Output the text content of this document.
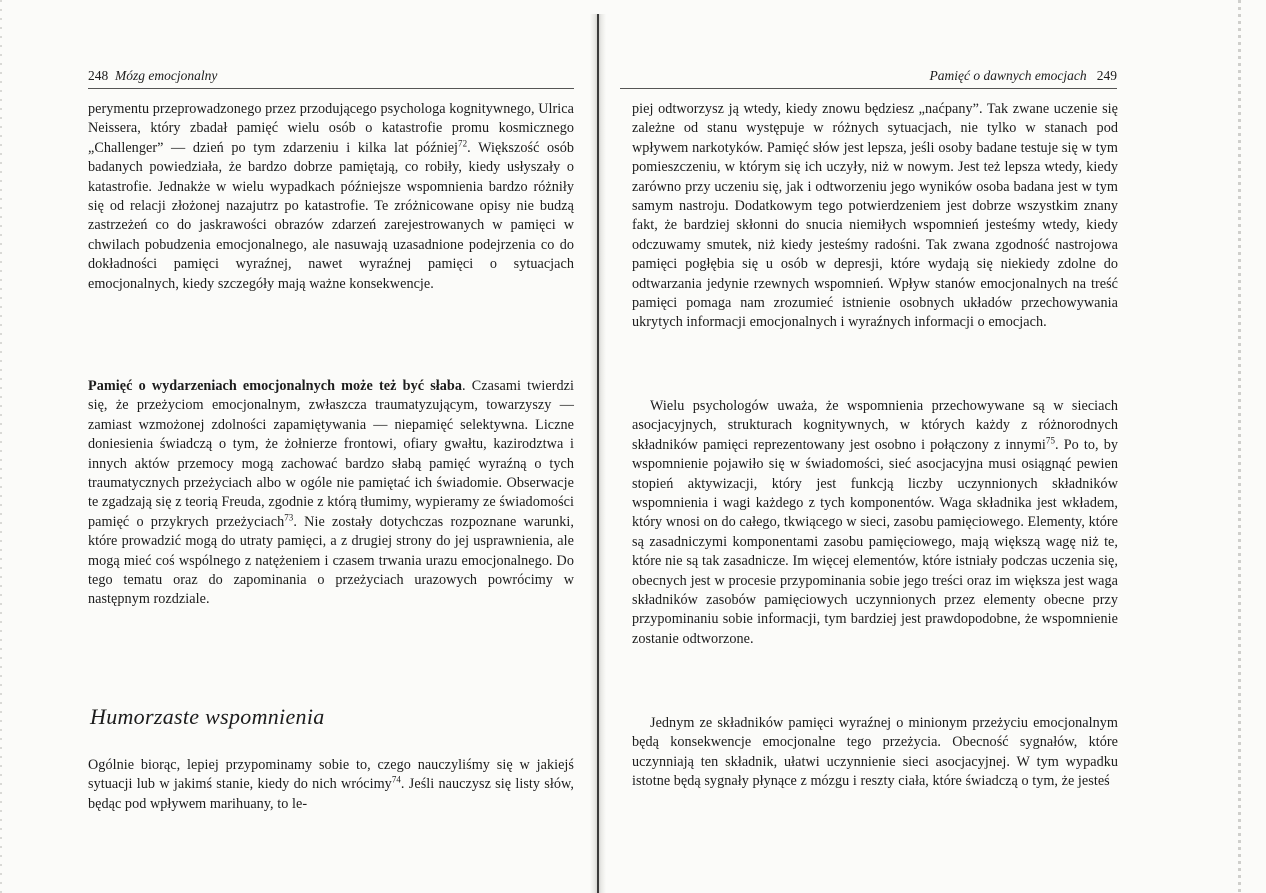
248 Mózg emocjonalny

perymentu przeprowadzonego przez przodującego psychologa kognitywnego, Ulrica Neissera, który zbadał pamięć wielu osób o katastrofie promu kosmicznego „Challenger” — dzień po tym zdarzeniu i kilka lat później$^{72}$. Większość osób badanych powiedziała, że bardzo dobrze pamiętają, co robiły, kiedy usłyszały o katastrofie. Jednakże w wielu wypadkach późniejsze wspomnienia bardzo różniły się od relacji złożonej nazajutrz po katastrofie. Te zróżnicowane opisy nie budzą zastrzeżeń co do jaskrawości obrazów zdarzeń zarejestrowanych w pamięci w chwilach pobudzenia emocjonalnego, ale nasuwają uzasadnione podejrzenia co do dokładności pamięci wyraźnej, nawet wyraźnej pamięci o sytuacjach emocjonalnych, kiedy szczegóły mają ważne konsekwencje.

Pamięć o wydarzeniach emocjonalnych może też być słaba. Czasami twierdzi się, że przeżyciom emocjonalnym, zwłaszcza traumatyzującym, towarzyszy — zamiast wzmożonej zdolności zapamiętywania — niepamięć selektywna. Liczne doniesienia świadczą o tym, że żołnierze frontowi, ofiary gwałtu, kazirodztwa i innych aktów przemocy mogą zachować bardzo słabą pamięć wyraźną o tych traumatycznych przeżyciach albo w ogóle nie pamiętać ich świadomie. Obserwacje te zgadzają się z teorią Freuda, zgodnie z którą tłumimy, wypieramy ze świadomości pamięć o przykrych przeżyciach$^{73}$. Nie zostały dotychczas rozpoznane warunki, które prowadzić mogą do utraty pamięci, a z drugiej strony do jej usprawnienia, ale mogą mieć coś wspólnego z natężeniem i czasem trwania urazu emocjonalnego. Do tego tematu oraz do zapominania o przeżyciach urazowych powrócimy w następnym rozdziale.

Humorzaste wspomnienia

Ogólnie biorąc, lepiej przypominamy sobie to, czego nauczyliśmy się w jakiejś sytuacji lub w jakimś stanie, kiedy do nich wrócimy$^{74}$. Jeśli nauczysz się listy słów, będąc pod wpływem marihuany, to le-

Pamięć o dawnych emocjach 249

piej odtworzysz ją wtedy, kiedy znowu będziesz „naćpany”. Tak zwane uczenie się zależne od stanu występuje w różnych sytuacjach, nie tylko w stanach pod wpływem narkotyków. Pamięć słów jest lepsza, jeśli osoby badane testuje się w tym pomieszczeniu, w którym się ich uczyły, niż w nowym. Jest też lepsza wtedy, kiedy zarówno przy uczeniu się, jak i odtworzeniu jego wyników osoba badana jest w tym samym nastroju. Dodatkowym tego potwierdzeniem jest dobrze wszystkim znany fakt, że bardziej skłonni do snucia niemiłych wspomnień jesteśmy wtedy, kiedy odczuwamy smutek, niż kiedy jesteśmy radośni. Tak zwana zgodność nastrojowa pamięci pogłębia się u osób w depresji, które wydają się niekiedy zdolne do odtwarzania jedynie rzewnych wspomnień. Wpływ stanów emocjonalnych na treść pamięci pomaga nam zrozumieć istnienie osobnych układów przechowywania ukrytych informacji emocjonalnych i wyraźnych informacji o emocjach.

Wielu psychologów uważa, że wspomnienia przechowywane są w sieciach asocjacyjnych, strukturach kognitywnych, w których każdy z różnorodnych składników pamięci reprezentowany jest osobno i połączony z innymi$^{75}$. Po to, by wspomnienie pojawiło się w świadomości, sieć asocjacyjna musi osiągnąć pewien stopień aktywizacji, który jest funkcją liczby uczynnionych składników wspomnienia i wagi każdego z tych komponentów. Waga składnika jest wkładem, który wnosi on do całego, tkwiącego w sieci, zasobu pamięciowego. Elementy, które są zasadniczymi komponentami zasobu pamięciowego, mają większą wagę niż te, które nie są tak zasadnicze. Im więcej elementów, które istniały podczas uczenia się, obecnych jest w procesie przypominania sobie jego treści oraz im większa jest waga składników zasobów pamięciowych uczynnionych przez elementy obecne przy przypominaniu sobie informacji, tym bardziej jest prawdopodobne, że wspomnienie zostanie odtworzone.

Jednym ze składników pamięci wyraźnej o minionym przeżyciu emocjonalnym będą konsekwencje emocjonalne tego przeżycia. Obecność sygnałów, które uczynniają ten składnik, ułatwi uczynnienie sieci asocjacyjnej. W tym wypadku istotne będą sygnały płynące z mózgu i reszty ciała, które świadczą o tym, że jesteś
